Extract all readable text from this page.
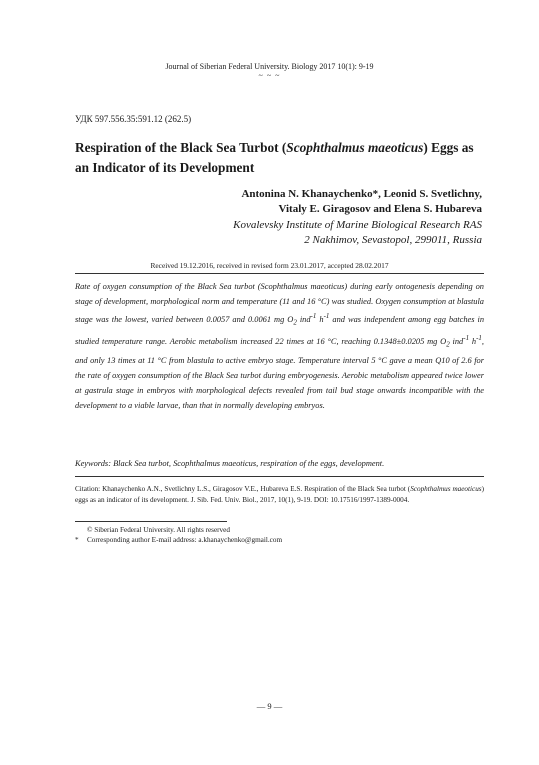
Journal of Siberian Federal University. Biology 2017 10(1): 9-19
~ ~ ~
УДК 597.556.35:591.12 (262.5)
Respiration of the Black Sea Turbot (Scophthalmus maeoticus) Eggs as an Indicator of its Development
Antonina N. Khanaychenko*, Leonid S. Svetlichny,
Vitaly E. Giragosov and Elena S. Hubareva
Kovalevsky Institute of Marine Biological Research RAS
2 Nakhimov, Sevastopol, 299011, Russia
Received 19.12.2016, received in revised form 23.01.2017, accepted 28.02.2017
Rate of oxygen consumption of the Black Sea turbot (Scophthalmus maeoticus) during early ontogenesis depending on stage of development, morphological norm and temperature (11 and 16 °C) was studied. Oxygen consumption at blastula stage was the lowest, varied between 0.0057 and 0.0061 mg $O_2$ ind$^{-1}$ $h^{-1}$ and was independent among egg batches in studied temperature range. Aerobic metabolism increased 22 times at 16 °C, reaching 0.1348±0.0205 mg $O_2$ ind$^{-1}$ $h^{-1}$, and only 13 times at 11 °C from blastula to active embryo stage. Temperature interval 5 °C gave a mean Q10 of 2.6 for the rate of oxygen consumption of the Black Sea turbot during embryogenesis. Aerobic metabolism appeared twice lower at gastrula stage in embryos with morphological defects revealed from tail bud stage onwards incompatible with the development to a viable larvae, than that in normally developing embryos.
Keywords: Black Sea turbot, Scophthalmus maeoticus, respiration of the eggs, development.
Citation: Khanaychenko A.N., Svetlichny L.S., Giragosov V.E., Hubareva E.S. Respiration of the Black Sea turbot (Scophthalmus maeoticus) eggs as an indicator of its development. J. Sib. Fed. Univ. Biol., 2017, 10(1), 9-19. DOI: 10.17516/1997-1389-0004.
© Siberian Federal University. All rights reserved
* Corresponding author E-mail address: a.khanaychenko@gmail.com
— 9 —
